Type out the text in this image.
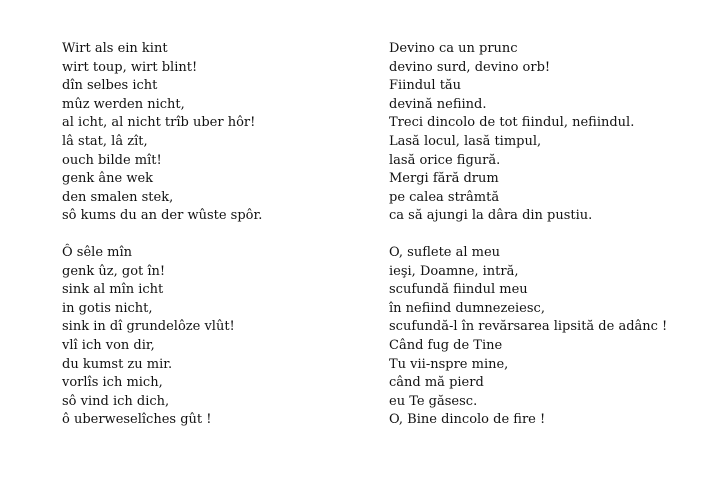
Wirt als ein kint
wirt toup, wirt blint!
dîn selbes icht
mûz werden nicht,
al icht, al nicht trîb uber hôr!
lâ stat, lâ zît,
ouch bilde mît!
genk âne wek
den smalen stek,
sô kums du an der wûste spôr.
Ô sêle mîn
genk ûz, got în!
sink al mîn icht
in gotis nicht,
sink in dî grundelôze vlût!
vlî ich von dir,
du kumst zu mir.
vorlîs ich mich,
sô vind ich dich,
ô uberweselîches gût !
Devino ca un prunc
devino surd, devino orb!
Fiindul tău
devină nefiind.
Treci dincolo de tot fiindul, nefiindul.
Lasă locul, lasă timpul,
lasă orice figură.
Mergi fără drum
pe calea strâmtă
ca să ajungi la dâra din pustiu.
O, suflete al meu
ieşi, Doamne, intră,
scufundă fiindul meu
în nefiind dumnezeiesc,
scufundă-l în revărsarea lipsită de adânc !
Când fug de Tine
Tu vii-nspre mine,
când mă pierd
eu Te găsesc.
O, Bine dincolo de fire !
